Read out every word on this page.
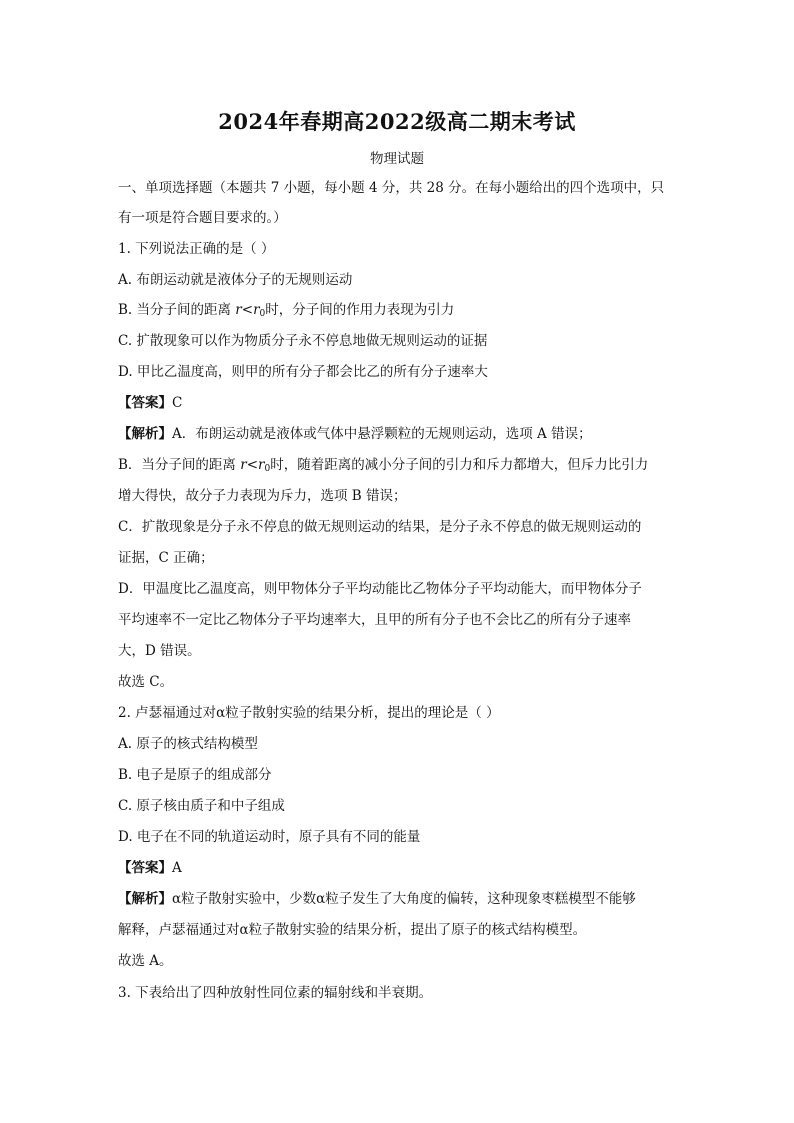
2024年春期高2022级高二期末考试
物理试题
一、单项选择题（本题共 7 小题，每小题 4 分，共 28 分。在每小题给出的四个选项中，只
有一项是符合题目要求的。）
1. 下列说法正确的是（ ）
A. 布朗运动就是液体分子的无规则运动
B. 当分子间的距离 $r<r_0$时，分子间的作用力表现为引力
C. 扩散现象可以作为物质分子永不停息地做无规则运动的证据
D. 甲比乙温度高，则甲的所有分子都会比乙的所有分子速率大
【答案】C
【解析】A．布朗运动就是液体或气体中悬浮颗粒的无规则运动，选项 A 错误；
B．当分子间的距离 $r<r_0$时，随着距离的减小分子间的引力和斥力都增大，但斥力比引力
增大得快，故分子力表现为斥力，选项 B 错误；
C．扩散现象是分子永不停息的做无规则运动的结果，是分子永不停息的做无规则运动的
证据，C 正确；
D．甲温度比乙温度高，则甲物体分子平均动能比乙物体分子平均动能大，而甲物体分子
平均速率不一定比乙物体分子平均速率大，且甲的所有分子也不会比乙的所有分子速率
大，D 错误。
故选 C。
2. 卢瑟福通过对α粒子散射实验的结果分析，提出的理论是（ ）
A. 原子的核式结构模型
B. 电子是原子的组成部分
C. 原子核由质子和中子组成
D. 电子在不同的轨道运动时，原子具有不同的能量
【答案】A
【解析】α粒子散射实验中，少数α粒子发生了大角度的偏转，这种现象枣糕模型不能够
解释，卢瑟福通过对α粒子散射实验的结果分析，提出了原子的核式结构模型。
故选 A。
3. 下表给出了四种放射性同位素的辐射线和半衰期。
